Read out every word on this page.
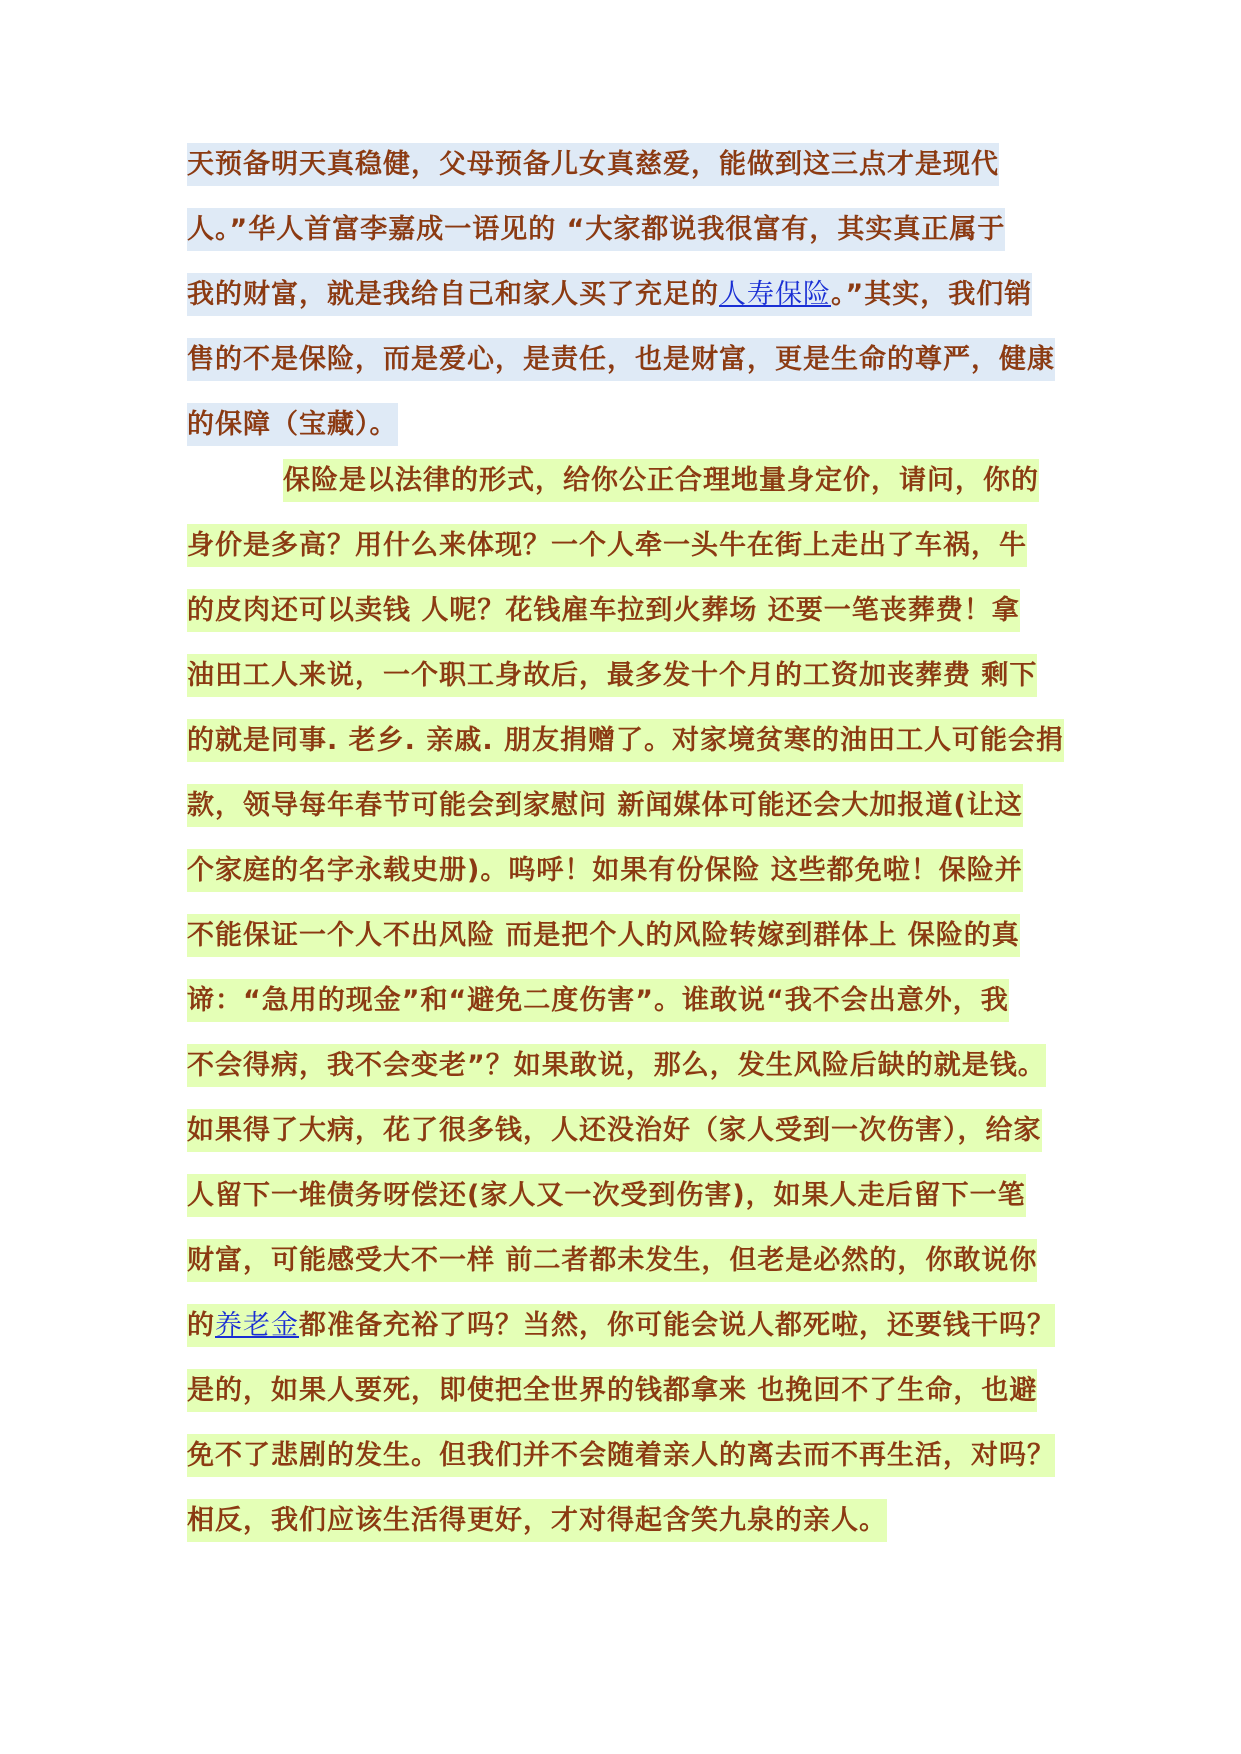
天预备明天真稳健，父母预备儿女真慈爱，能做到这三点才是现代
人。”华人首富李嘉成一语见的 “大家都说我很富有，其实真正属于
我的财富，就是我给自己和家人买了充足的人寿保险。”其实，我们销
售的不是保险，而是爱心，是责任，也是财富，更是生命的尊严，健康
的保障（宝藏）。
保险是以法律的形式，给你公正合理地量身定价，请问，你的
身价是多高？用什么来体现？一个人牵一头牛在街上走出了车祸，牛
的皮肉还可以卖钱 人呢？花钱雇车拉到火葬场 还要一笔丧葬费！拿
油田工人来说，一个职工身故后，最多发十个月的工资加丧葬费 剩下
的就是同事. 老乡. 亲戚. 朋友捐赠了。对家境贫寒的油田工人可能会捐
款，领导每年春节可能会到家慰问 新闻媒体可能还会大加报道(让这
个家庭的名字永载史册)。呜呼！如果有份保险 这些都免啦！保险并
不能保证一个人不出风险 而是把个人的风险转嫁到群体上 保险的真
谛：“急用的现金”和“避免二度伤害”。谁敢说“我不会出意外，我
不会得病，我不会变老”？如果敢说，那么，发生风险后缺的就是钱。
如果得了大病，花了很多钱，人还没治好（家人受到一次伤害），给家
人留下一堆债务呀偿还(家人又一次受到伤害)，如果人走后留下一笔
财富，可能感受大不一样 前二者都未发生，但老是必然的，你敢说你
的养老金都准备充裕了吗？当然，你可能会说人都死啦，还要钱干吗？
是的，如果人要死，即使把全世界的钱都拿来 也挽回不了生命，也避
免不了悲剧的发生。但我们并不会随着亲人的离去而不再生活，对吗？
相反，我们应该生活得更好，才对得起含笑九泉的亲人。
